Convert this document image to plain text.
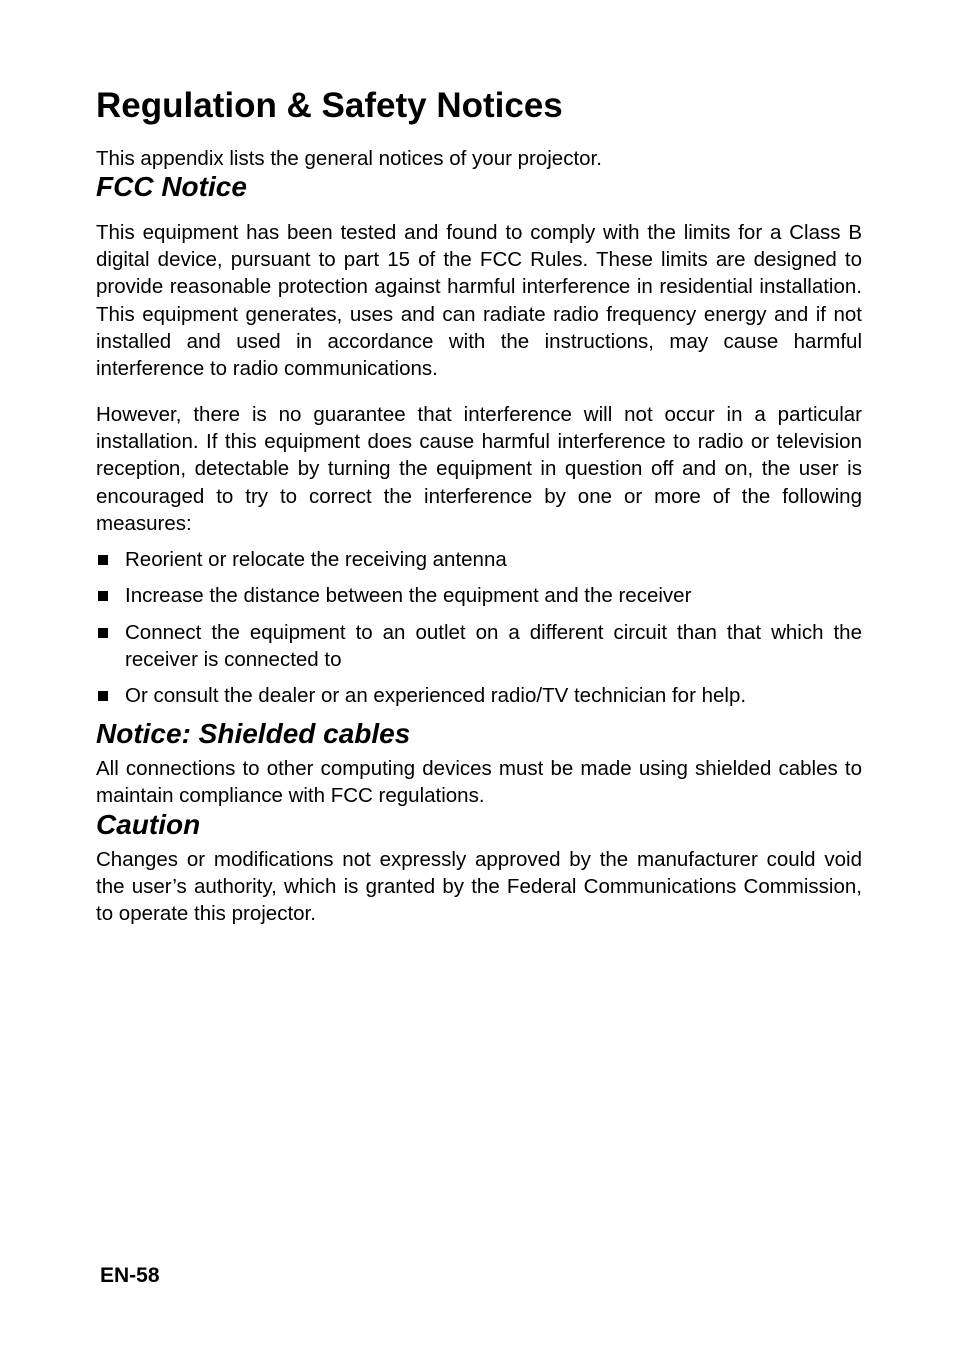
Regulation & Safety Notices

This appendix lists the general notices of your projector.

FCC Notice

This equipment has been tested and found to comply with the limits for a Class B digital device, pursuant to part 15 of the FCC Rules. These limits are designed to provide reasonable protection against harmful interference in residential installation. This equipment generates, uses and can radiate radio frequency energy and if not installed and used in accordance with the instructions, may cause harmful interference to radio communications.

However, there is no guarantee that interference will not occur in a particular installation. If this equipment does cause harmful interference to radio or television reception, detectable by turning the equipment in question off and on, the user is encouraged to try to correct the interference by one or more of the following measures:

Reorient or relocate the receiving antenna
Increase the distance between the equipment and the receiver
Connect the equipment to an outlet on a different circuit than that which the receiver is connected to
Or consult the dealer or an experienced radio/TV technician for help.
Notice: Shielded cables

All connections to other computing devices must be made using shielded cables to maintain compliance with FCC regulations.

Caution

Changes or modifications not expressly approved by the manufacturer could void the user’s authority, which is granted by the Federal Communications Commission, to operate this projector.

EN-58
